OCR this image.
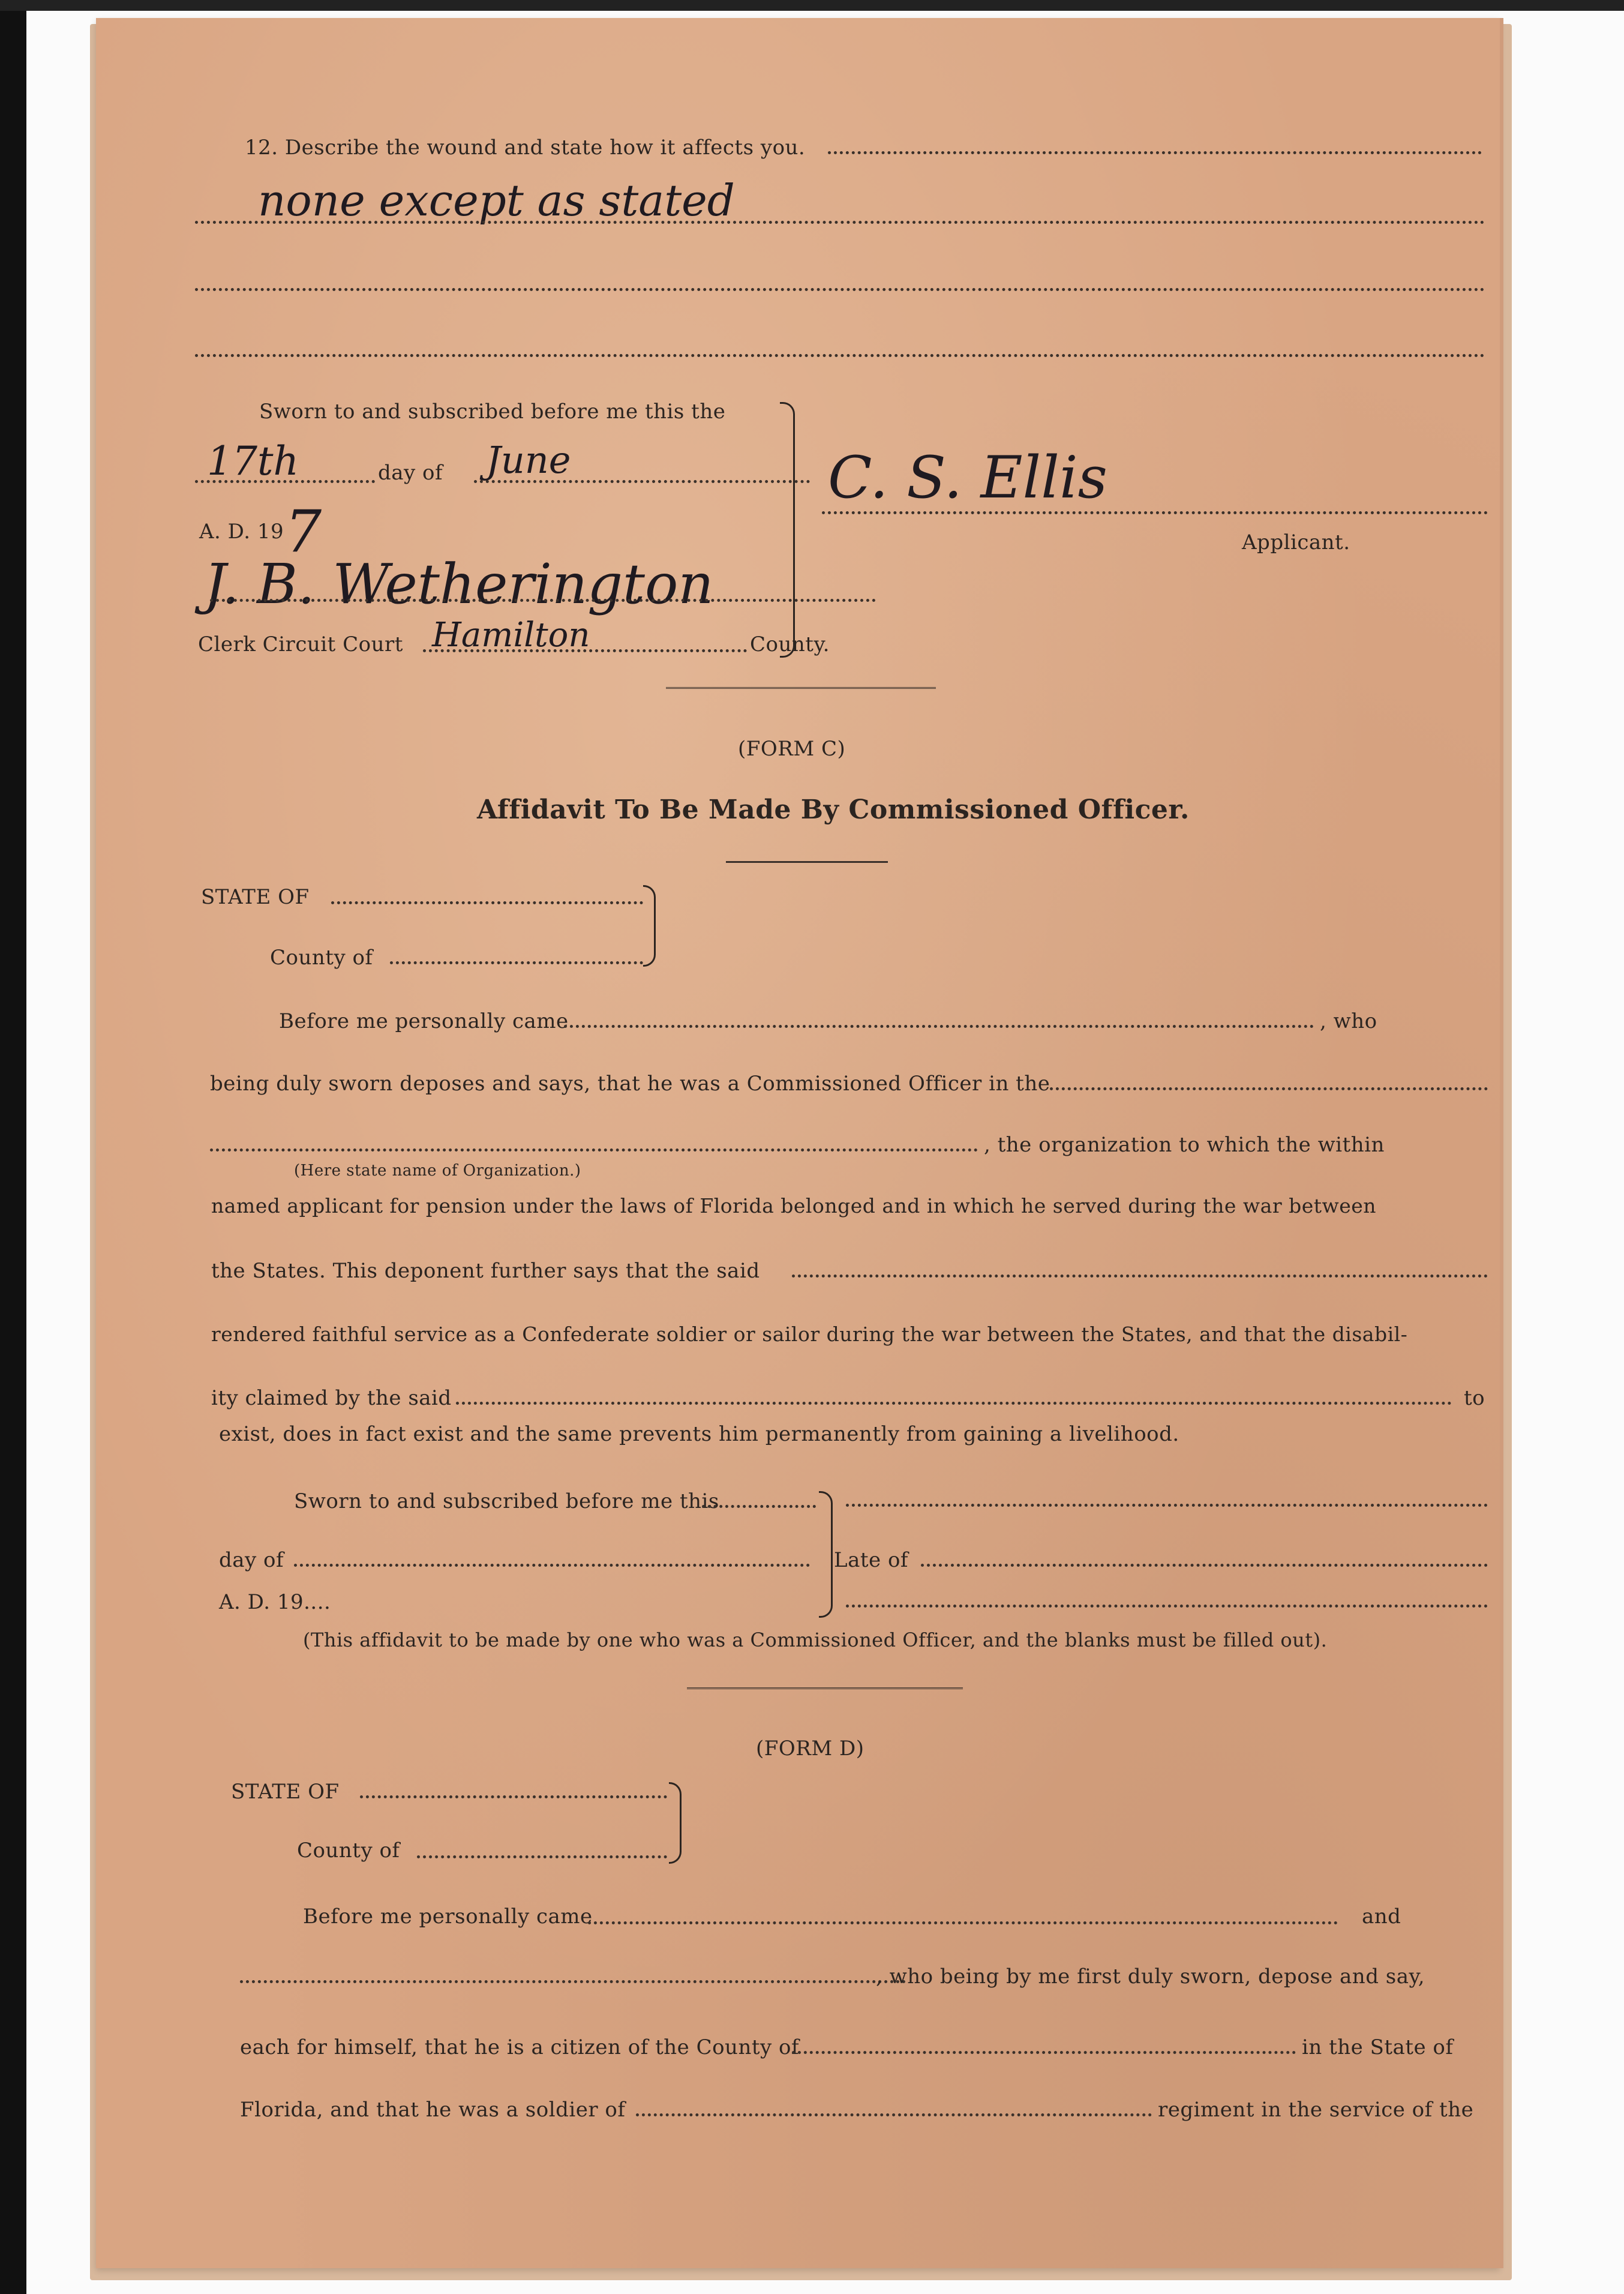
12. Describe the wound and state how it affects you.
none except as stated
Sworn to and subscribed before me this the
17th	day of June
A. D. 19 7
J. B. Wetherington
Clerk Circuit Court Hamilton	County.
C. S. Ellis
Applicant.
(FORM C)
Affidavit To Be Made By Commissioned Officer.
STATE OF
County of
Before me personally came	, who
being duly sworn deposes and says, that he was a Commissioned Officer in the
, the organization to which the within
(Here state name of Organization.)
named applicant for pension under the laws of Florida belonged and in which he served during the war between
the States. This deponent further says that the said
rendered faithful service as a Confederate soldier or sailor during the war between the States, and that the disabil-
ity claimed by the said	to
exist, does in fact exist and the same prevents him permanently from gaining a livelihood.
Sworn to and subscribed before me this
day of
A. D. 19....
Late of
(This affidavit to be made by one who was a Commissioned Officer, and the blanks must be filled out).
(FORM D)
STATE OF
County of
Before me personally came	and
, who being by me first duly sworn, depose and say,
each for himself, that he is a citizen of the County of	in the State of
Florida, and that he was a soldier of	regiment in the service of the
